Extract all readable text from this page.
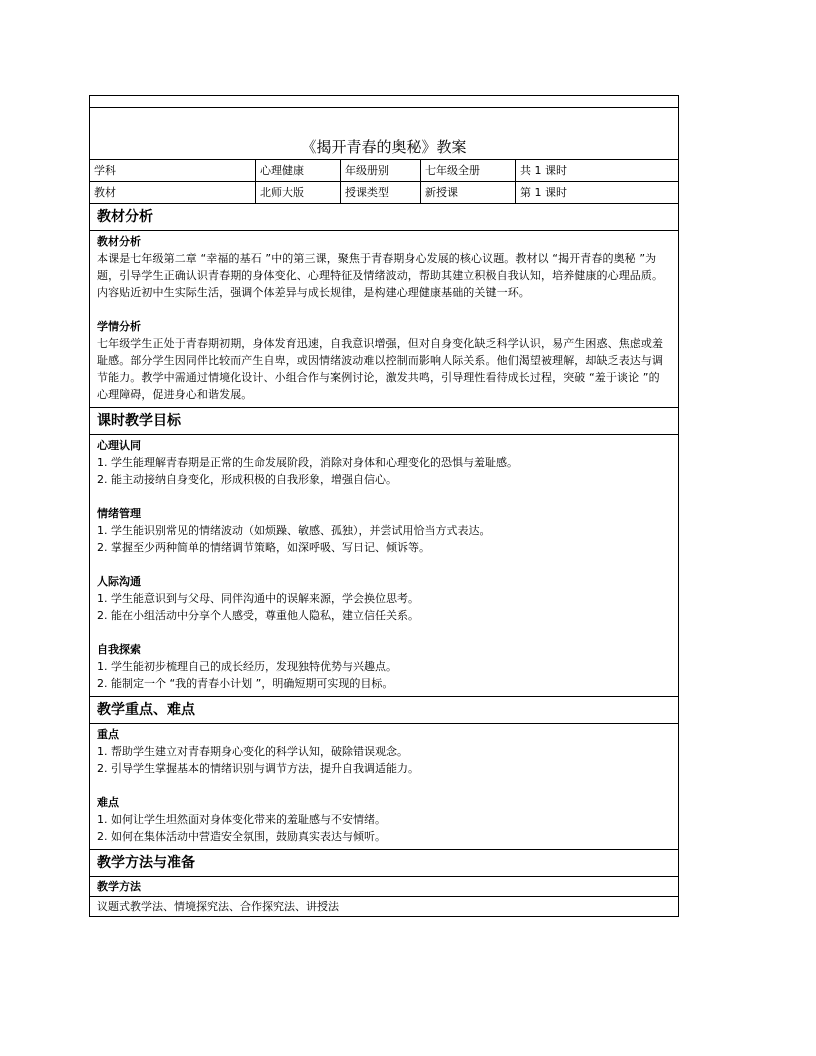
《揭开青春的奥秘》教案
学科	心理健康	年级册别	七年级全册	共 1 课时
教材	北师大版	授课类型	新授课	第 1 课时
教材分析
教材分析

本课是七年级第二章 “幸福的基石 ”中的第三课，聚焦于青春期身心发展的核心议题。教材以 “揭开青春的奥秘 ”为题，引导学生正确认识青春期的身体变化、心理特征及情绪波动，帮助其建立积极自我认知，培养健康的心理品质。内容贴近初中生实际生活，强调个体差异与成长规律，是构建心理健康基础的关键一环。

学情分析

七年级学生正处于青春期初期，身体发育迅速，自我意识增强，但对自身变化缺乏科学认识，易产生困惑、焦虑或羞耻感。部分学生因同伴比较而产生自卑，或因情绪波动难以控制而影响人际关系。他们渴望被理解，却缺乏表达与调节能力。教学中需通过情境化设计、小组合作与案例讨论，激发共鸣，引导理性看待成长过程，突破 “羞于谈论 ”的心理障碍，促进身心和谐发展。

课时教学目标
心理认同

1. 学生能理解青春期是正常的生命发展阶段，消除对身体和心理变化的恐惧与羞耻感。

2. 能主动接纳自身变化，形成积极的自我形象，增强自信心。

情绪管理

1. 学生能识别常见的情绪波动（如烦躁、敏感、孤独），并尝试用恰当方式表达。

2. 掌握至少两种简单的情绪调节策略，如深呼吸、写日记、倾诉等。

人际沟通

1. 学生能意识到与父母、同伴沟通中的误解来源，学会换位思考。

2. 能在小组活动中分享个人感受，尊重他人隐私，建立信任关系。

自我探索

1. 学生能初步梳理自己的成长经历，发现独特优势与兴趣点。

2. 能制定一个 “我的青春小计划 ”，明确短期可实现的目标。

教学重点、难点
重点

1. 帮助学生建立对青春期身心变化的科学认知，破除错误观念。

2. 引导学生掌握基本的情绪识别与调节方法，提升自我调适能力。

难点

1. 如何让学生坦然面对身体变化带来的羞耻感与不安情绪。

2. 如何在集体活动中营造安全氛围，鼓励真实表达与倾听。

教学方法与准备
教学方法
议题式教学法、情境探究法、合作探究法、讲授法
